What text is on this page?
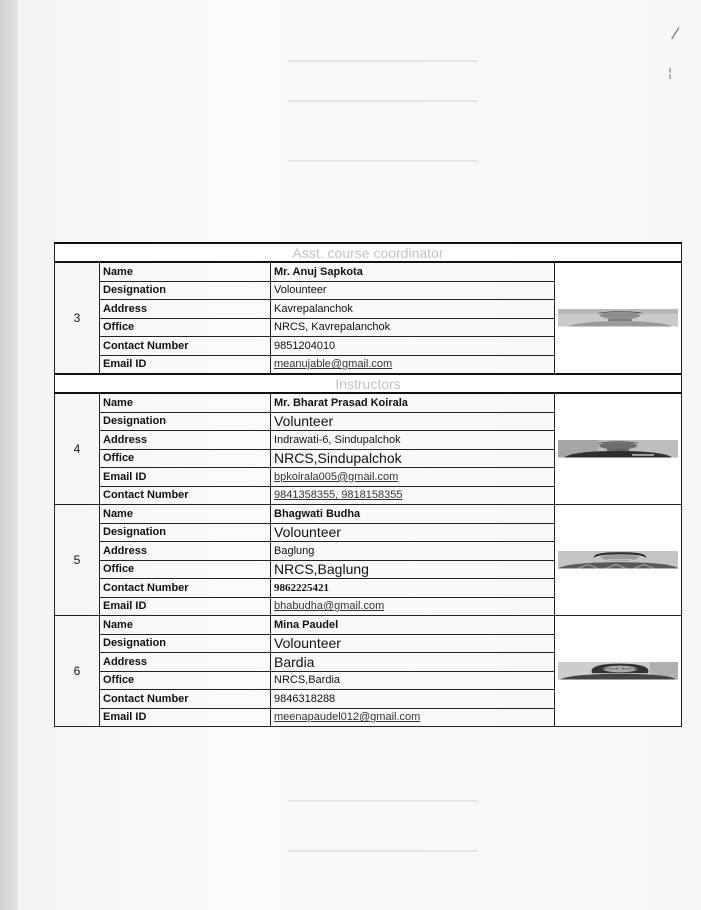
⁄
¦
Asst. course coordinator			
3	Name	Mr. Anuj Sapkota	

	Designation	Volounteer	
	Address	Kavrepalanchok	
	Office	NRCS, Kavrepalanchok	
	Contact Number	9851204010	
	Email ID	meanujable@gmail.com	
Instructors			
4	Name	Mr. Bharat Prasad Koirala	

	Designation	Volunteer	
	Address	Indrawati-6, Sindupalchok	
	Office	NRCS,Sindupalchok	
	Email ID	bpkoirala005@gmail.com	
	Contact Number	9841358355, 9818158355	
5	Name	Bhagwati Budha	

	Designation	Volounteer	
	Address	Baglung	
	Office	NRCS,Baglung	
	Contact Number	9862225421	
	Email ID	bhabudha@gmail.com	
6	Name	Mina Paudel	

	Designation	Volounteer	
	Address	Bardia	
	Office	NRCS,Bardia	
	Contact Number	9846318288	
	Email ID	meenapaudel012@gmail.com	
